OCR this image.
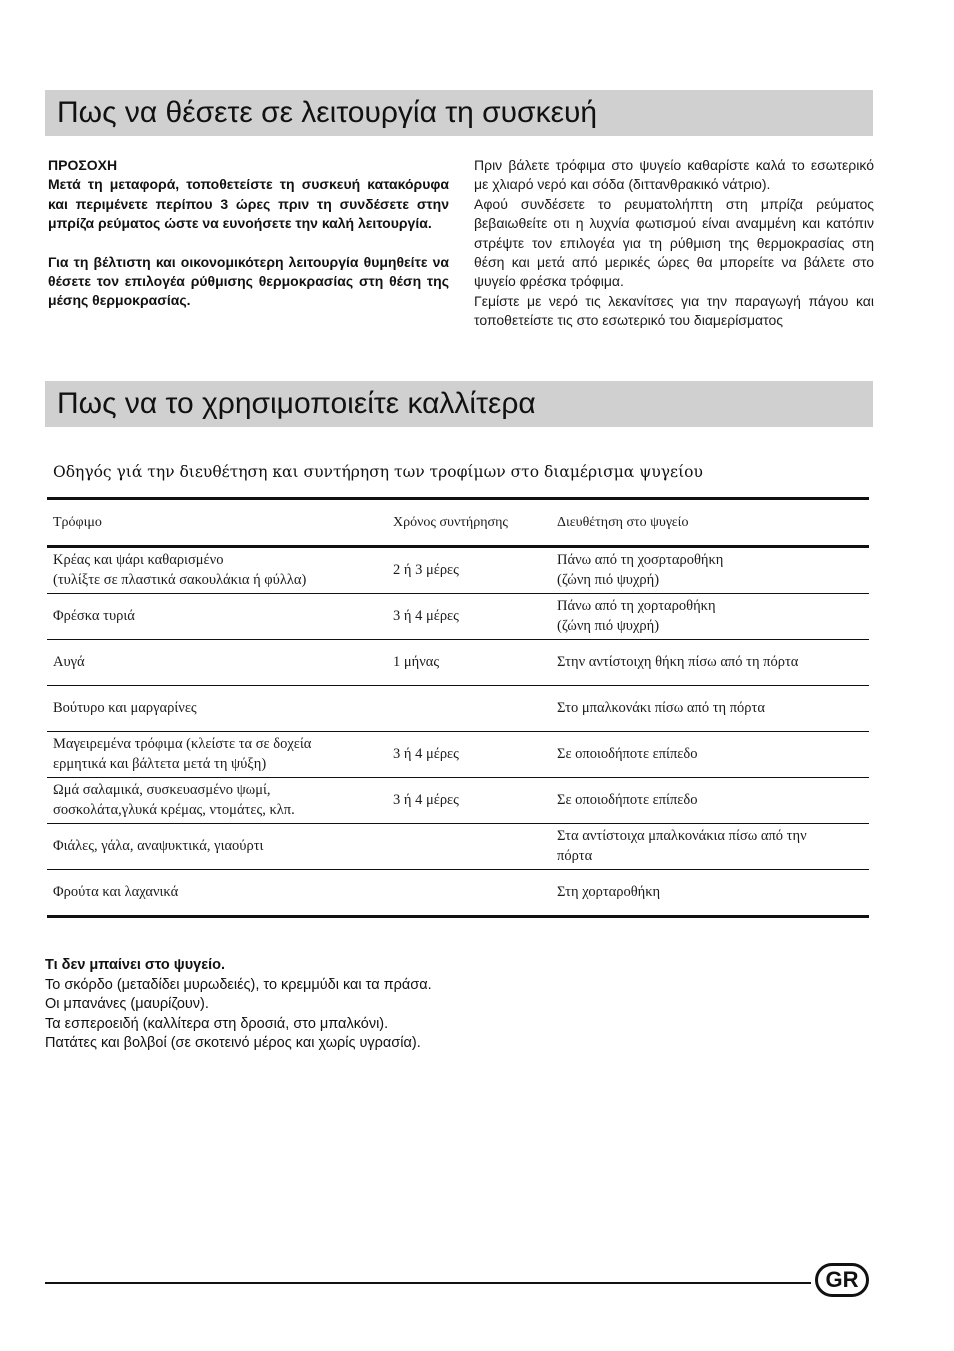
Πως να θέσετε σε λειτουργία τη συσκευή

ΠΡΟΣΟΧΗ

Μετά τη μεταφορά, τοποθετείστε τη συσκευή κατακόρυφα και περιμένετε περίπου 3 ώρες πριν τη συνδέσετε στην μπρίζα ρεύματος ώστε να ευνοήσετε την καλή λειτουργία.

Για τη βέλτιστη και οικονομικότερη λειτουργία θυμηθείτε να θέσετε τον επιλογέα ρύθμισης θερμοκρασίας στη θέση της μέσης θερμοκρασίας.

Πριν βάλετε τρόφιμα στο ψυγείο καθαρίστε καλά το εσωτερικό με χλιαρό νερό και σόδα (διττανθρακικό νάτριο).

Αφού συνδέσετε το ρευματολήπτη στη μπρίζα ρεύματος βεβαιωθείτε οτι η λυχνία φωτισμού είναι αναμμένη και κατόπιν στρέψτε τον επιλογέα για τη ρύθμιση της θερμοκρασίας στη θέση και μετά από μερικές ώρες θα μπορείτε να βάλετε στο ψυγείο φρέσκα τρόφιμα.

Γεμίστε με νερό τις λεκανίτσες για την παραγωγή πάγου και τοποθετείστε τις στο εσωτερικό του διαμερίσματος

Πως να το χρησιμοποιείτε καλλίτερα
Οδηγός γιά την διευθέτηση και συντήρηση των τροφίμων στο διαμέρισμα ψυγείου
Τρόφιμο	Χρόνος συντήρησης	Διευθέτηση στο ψυγείο

Κρέας και ψάρι καθαρισμένο
(τυλίξτε σε πλαστικά σακουλάκια ή φύλλα)	2 ή 3 μέρες	Πάνω από τη χοσρταροθήκη
(ζώνη πιό ψυχρή)

Φρέσκα τυριά	3 ή 4 μέρες	Πάνω από τη χορταροθήκη
(ζώνη πιό ψυχρή)

Αυγά	1 μήνας	Στην αντίστοιχη θήκη πίσω από τη πόρτα

Βούτυρο και μαργαρίνες		Στο μπαλκονάκι πίσω από τη πόρτα

Μαγειρεμένα τρόφιμα (κλείστε τα σε δοχεία
ερμητικά και βάλτετα μετά τη ψύξη)	3 ή 4 μέρες	Σε οποιοδήποτε επίπεδο

Ωμά σαλαμικά, συσκευασμένο ψωμί,
σοσκολάτα,γλυκά κρέμας, ντομάτες, κλπ.	3 ή 4 μέρες	Σε οποιοδήποτε επίπεδο

Φιάλες, γάλα, αναψυκτικά, γιαούρτι		Στα αντίστοιχα μπαλκονάκια πίσω από την
πόρτα

Φρούτα και λαχανικά		Στη χορταροθήκη

Τι δεν μπαίνει στο ψυγείο.

Το σκόρδο (μεταδίδει μυρωδειές), το κρεμμύδι και τα πράσα.

Οι μπανάνες (μαυρίζουν).

Τα εσπεροειδή (καλλίτερα στη δροσιά, στο μπαλκόνι).

Πατάτες και βολβοί (σε σκοτεινό μέρος και χωρίς υγρασία).

GR
